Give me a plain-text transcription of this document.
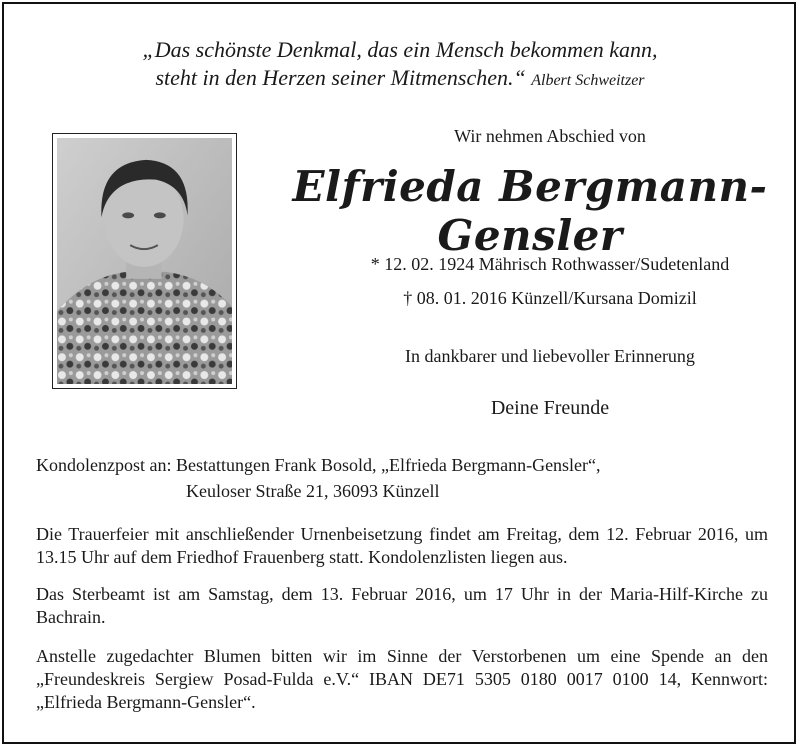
„Das schönste Denkmal, das ein Mensch bekommen kann,
steht in den Herzen seiner Mitmenschen.“ Albert Schweitzer
Wir nehmen Abschied von
Elfrieda Bergmann-Gensler
* 12. 02. 1924 Mährisch Rothwasser/Sudetenland
† 08. 01. 2016 Künzell/Kursana Domizil
In dankbarer und liebevoller Erinnerung
Deine Freunde
Kondolenzpost an: Bestattungen Frank Bosold, „Elfrieda Bergmann-Gensler“,
Keuloser Straße 21, 36093 Künzell
Die Trauerfeier mit anschließender Urnenbeisetzung findet am Freitag, dem 12. Februar 2016, um 13.15 Uhr auf dem Friedhof Frauenberg statt. Kondolenzlisten liegen aus.
Das Sterbeamt ist am Samstag, dem 13. Februar 2016, um 17 Uhr in der Maria-Hilf-Kirche zu Bachrain.
Anstelle zugedachter Blumen bitten wir im Sinne der Verstorbenen um eine Spende an den „Freundeskreis Sergiew Posad-Fulda e.V.“ IBAN DE71 5305 0180 0017 0100 14, Kennwort: „Elfrieda Bergmann-Gensler“.
